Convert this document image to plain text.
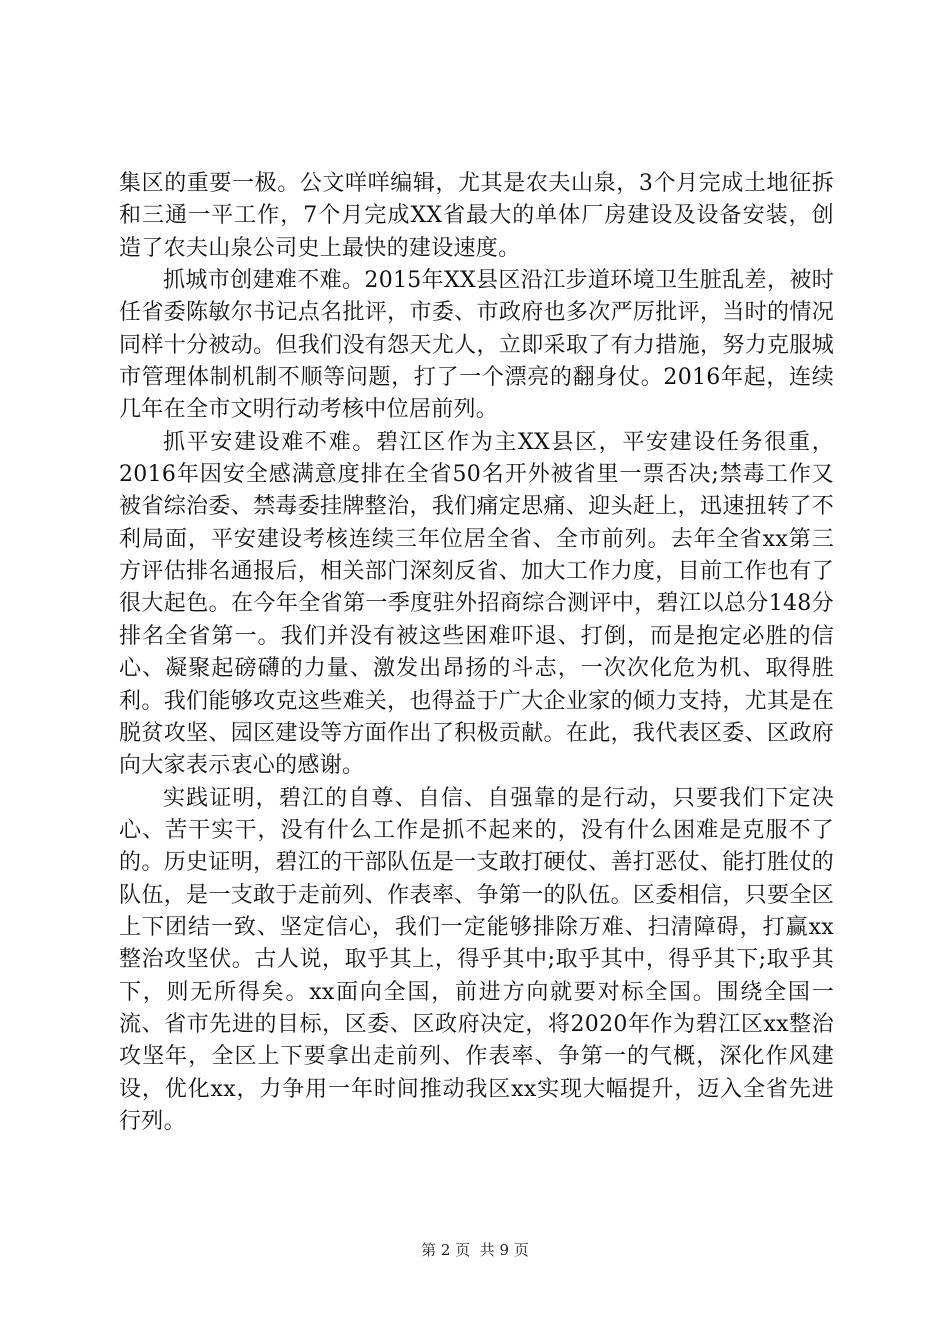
集区的重要一极。公文咩咩编辑，尤其是农夫山泉，3个月完成土地征拆和三通一平工作，7个月完成XX省最大的单体厂房建设及设备安装，创造了农夫山泉公司史上最快的建设速度。

抓城市创建难不难。2015年XX县区沿江步道环境卫生脏乱差，被时任省委陈敏尔书记点名批评，市委、市政府也多次严厉批评，当时的情况同样十分被动。但我们没有怨天尤人，立即采取了有力措施，努力克服城市管理体制机制不顺等问题，打了一个漂亮的翻身仗。2016年起，连续几年在全市文明行动考核中位居前列。

抓平安建设难不难。碧江区作为主XX县区，平安建设任务很重，2016年因安全感满意度排在全省50名开外被省里一票否决;禁毒工作又被省综治委、禁毒委挂牌整治，我们痛定思痛、迎头赶上，迅速扭转了不利局面，平安建设考核连续三年位居全省、全市前列。去年全省xx第三方评估排名通报后，相关部门深刻反省、加大工作力度，目前工作也有了很大起色。在今年全省第一季度驻外招商综合测评中，碧江以总分148分排名全省第一。我们并没有被这些困难吓退、打倒，而是抱定必胜的信心、凝聚起磅礴的力量、激发出昂扬的斗志，一次次化危为机、取得胜利。我们能够攻克这些难关，也得益于广大企业家的倾力支持，尤其是在脱贫攻坚、园区建设等方面作出了积极贡献。在此，我代表区委、区政府向大家表示衷心的感谢。

实践证明，碧江的自尊、自信、自强靠的是行动，只要我们下定决心、苦干实干，没有什么工作是抓不起来的，没有什么困难是克服不了的。历史证明，碧江的干部队伍是一支敢打硬仗、善打恶仗、能打胜仗的队伍，是一支敢于走前列、作表率、争第一的队伍。区委相信，只要全区上下团结一致、坚定信心，我们一定能够排除万难、扫清障碍，打赢xx整治攻坚伏。古人说，取乎其上，得乎其中;取乎其中，得乎其下;取乎其下，则无所得矣。xx面向全国，前进方向就要对标全国。围绕全国一流、省市先进的目标，区委、区政府决定，将2020年作为碧江区xx整治攻坚年，全区上下要拿出走前列、作表率、争第一的气概，深化作风建设，优化xx，力争用一年时间推动我区xx实现大幅提升，迈入全省先进行列。

第 2 页  共 9 页
